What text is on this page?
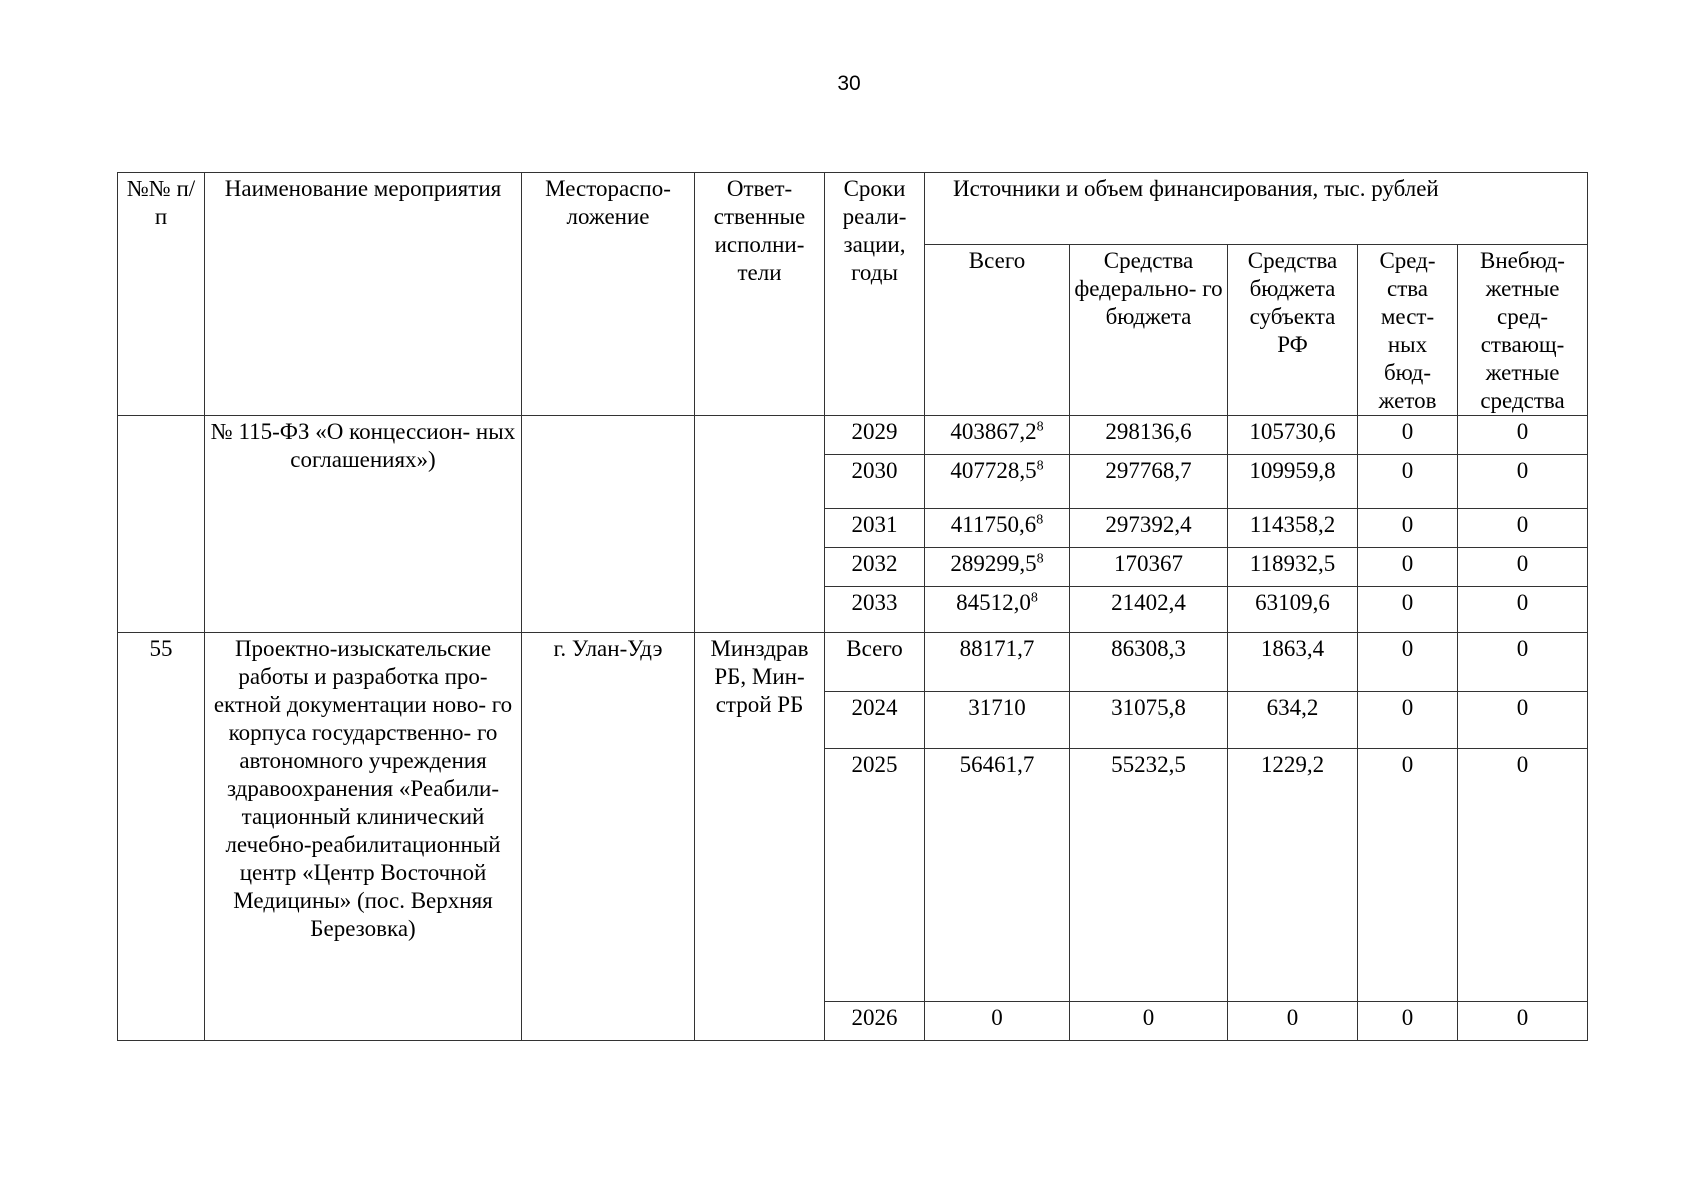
30
№№ п/п	Наименование мероприятия	Местораспо- ложение	Ответ- ственные исполни- тели	Сроки реали- зации, годы	Источники и объем финансирования, тыс. рублей				
					Всего	Средства федерально- го бюджета	Средства бюджета субъекта РФ	Сред- ства мест- ных бюд- жетов	Внебюд- жетные сред- ствающ- жетные средства
	№ 115-ФЗ «О концессион- ных соглашениях»)			2029	403867,2$^8$	298136,6	105730,6	0	0
				2030	407728,5$^8$	297768,7	109959,8	0	0
				2031	411750,6$^8$	297392,4	114358,2	0	0
				2032	289299,5$^8$	170367	118932,5	0	0
				2033	84512,0$^8$	21402,4	63109,6	0	0
55	Проектно-изыскательские работы и разработка про- ектной документации ново- го корпуса государственно- го автономного учреждения здравоохранения «Реабили- тационный клинический лечебно-реабилитационный центр «Центр Восточной Медицины» (пос. Верхняя Березовка)	г. Улан-Удэ	Минздрав РБ, Мин- строй РБ	Всего	88171,7	86308,3	1863,4	0	0
				2024	31710	31075,8	634,2	0	0
				2025	56461,7	55232,5	1229,2	0	0
				2026	0	0	0	0	0
